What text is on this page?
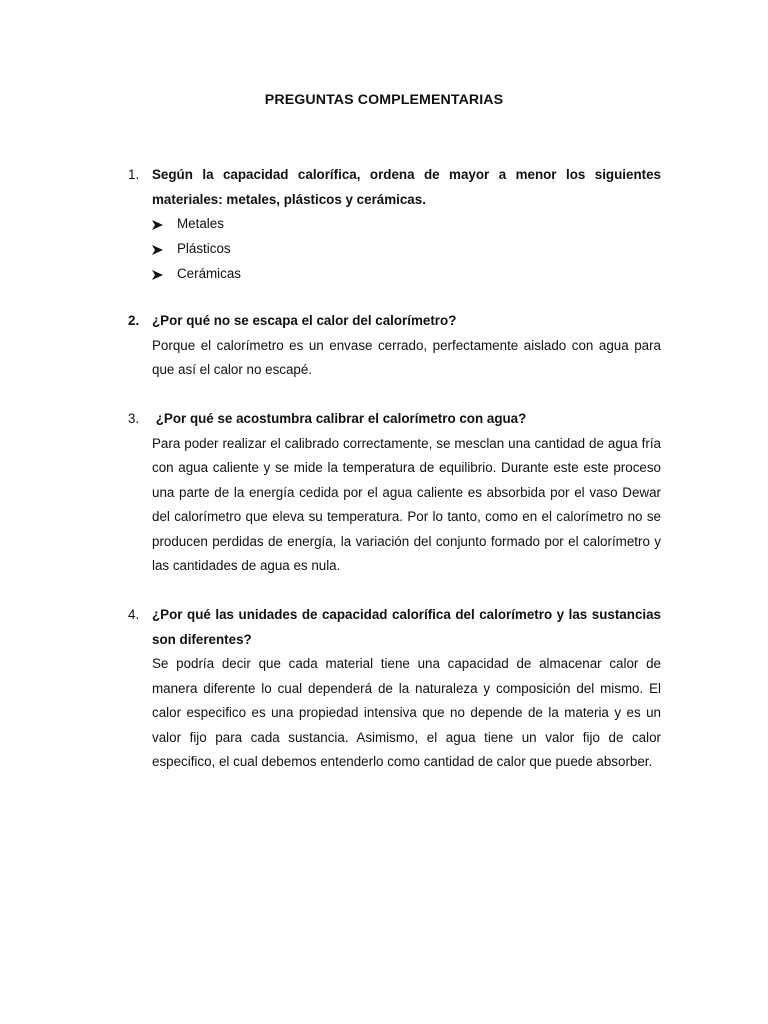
PREGUNTAS COMPLEMENTARIAS
1. Según la capacidad calorífica, ordena de mayor a menor los siguientes materiales: metales, plásticos y cerámicas.
Metales
Plásticos
Cerámicas
2. ¿Por qué no se escapa el calor del calorímetro?
Porque el calorímetro es un envase cerrado, perfectamente aislado con agua para que así el calor no escapé.
3. ¿Por qué se acostumbra calibrar el calorímetro con agua?
Para poder realizar el calibrado correctamente, se mesclan una cantidad de agua fría con agua caliente y se mide la temperatura de equilibrio. Durante este este proceso una parte de la energía cedida por el agua caliente es absorbida por el vaso Dewar del calorímetro que eleva su temperatura. Por lo tanto, como en el calorímetro no se producen perdidas de energía, la variación del conjunto formado por el calorímetro y las cantidades de agua es nula.
4. ¿Por qué las unidades de capacidad calorífica del calorímetro y las sustancias son diferentes?
Se podría decir que cada material tiene una capacidad de almacenar calor de manera diferente lo cual dependerá de la naturaleza y composición del mismo. El calor especifico es una propiedad intensiva que no depende de la materia y es un valor fijo para cada sustancia. Asimismo, el agua tiene un valor fijo de calor especifico, el cual debemos entenderlo como cantidad de calor que puede absorber.
